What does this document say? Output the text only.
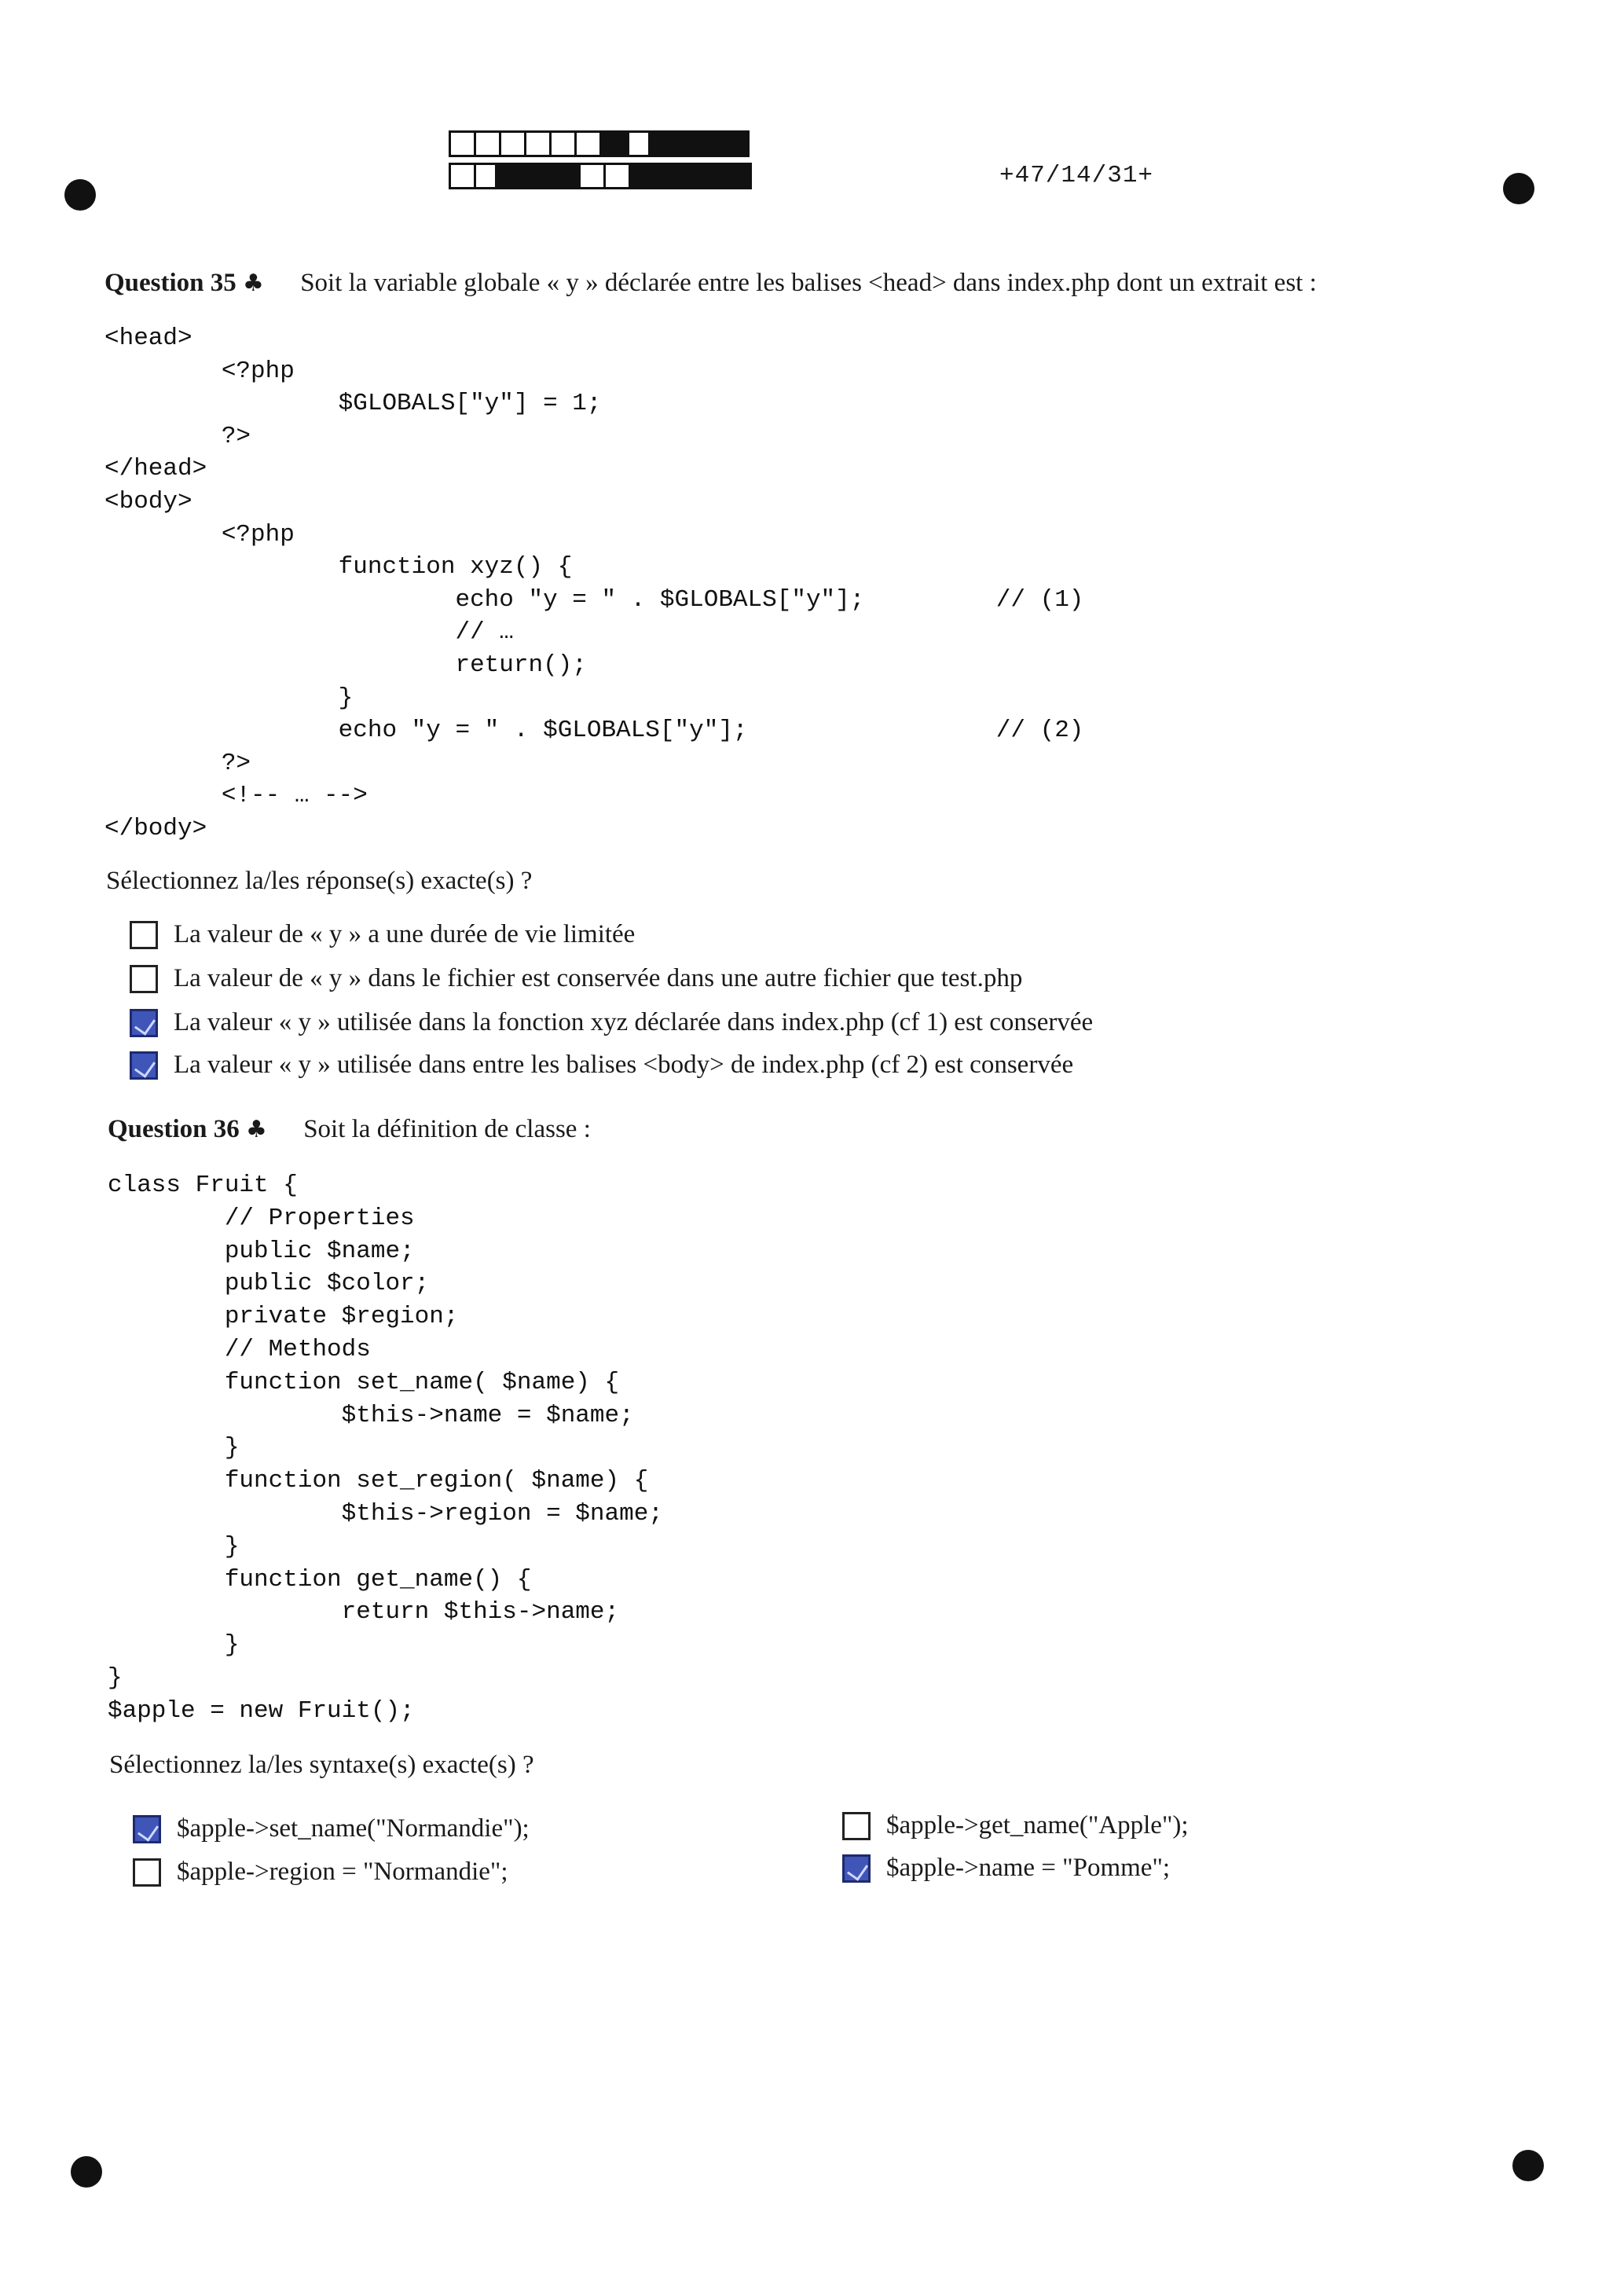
+47/14/31+
Question 35 ♣ Soit la variable globale « y » déclarée entre les balises <head> dans index.php dont un extrait est :
<head>
<?php
$GLOBALS["y"] = 1;
?>
</head>
<body>
<?php
function xyz() {
echo "y = " . $GLOBALS["y"];         // (1)
// …
return();
}
echo "y = " . $GLOBALS["y"];                 // (2)
?>
<!-- … -->
</body>
Sélectionnez la/les réponse(s) exacte(s) ?
La valeur de « y » a une durée de vie limitée
La valeur de « y » dans le fichier est conservée dans une autre fichier que test.php
La valeur « y » utilisée dans la fonction xyz déclarée dans index.php (cf 1) est conservée
La valeur « y » utilisée dans entre les balises <body> de index.php (cf 2) est conservée
Question 36 ♣ Soit la définition de classe :
class Fruit {
// Properties
public $name;
public $color;
private $region;
// Methods
function set_name( $name) {
$this->name = $name;
}
function set_region( $name) {
$this->region = $name;
}
function get_name() {
return $this->name;
}
}
$apple = new Fruit();
Sélectionnez la/les syntaxe(s) exacte(s) ?
$apple->set_name("Normandie");	$apple->get_name("Apple");
$apple->region = "Normandie";	$apple->name = "Pomme";
